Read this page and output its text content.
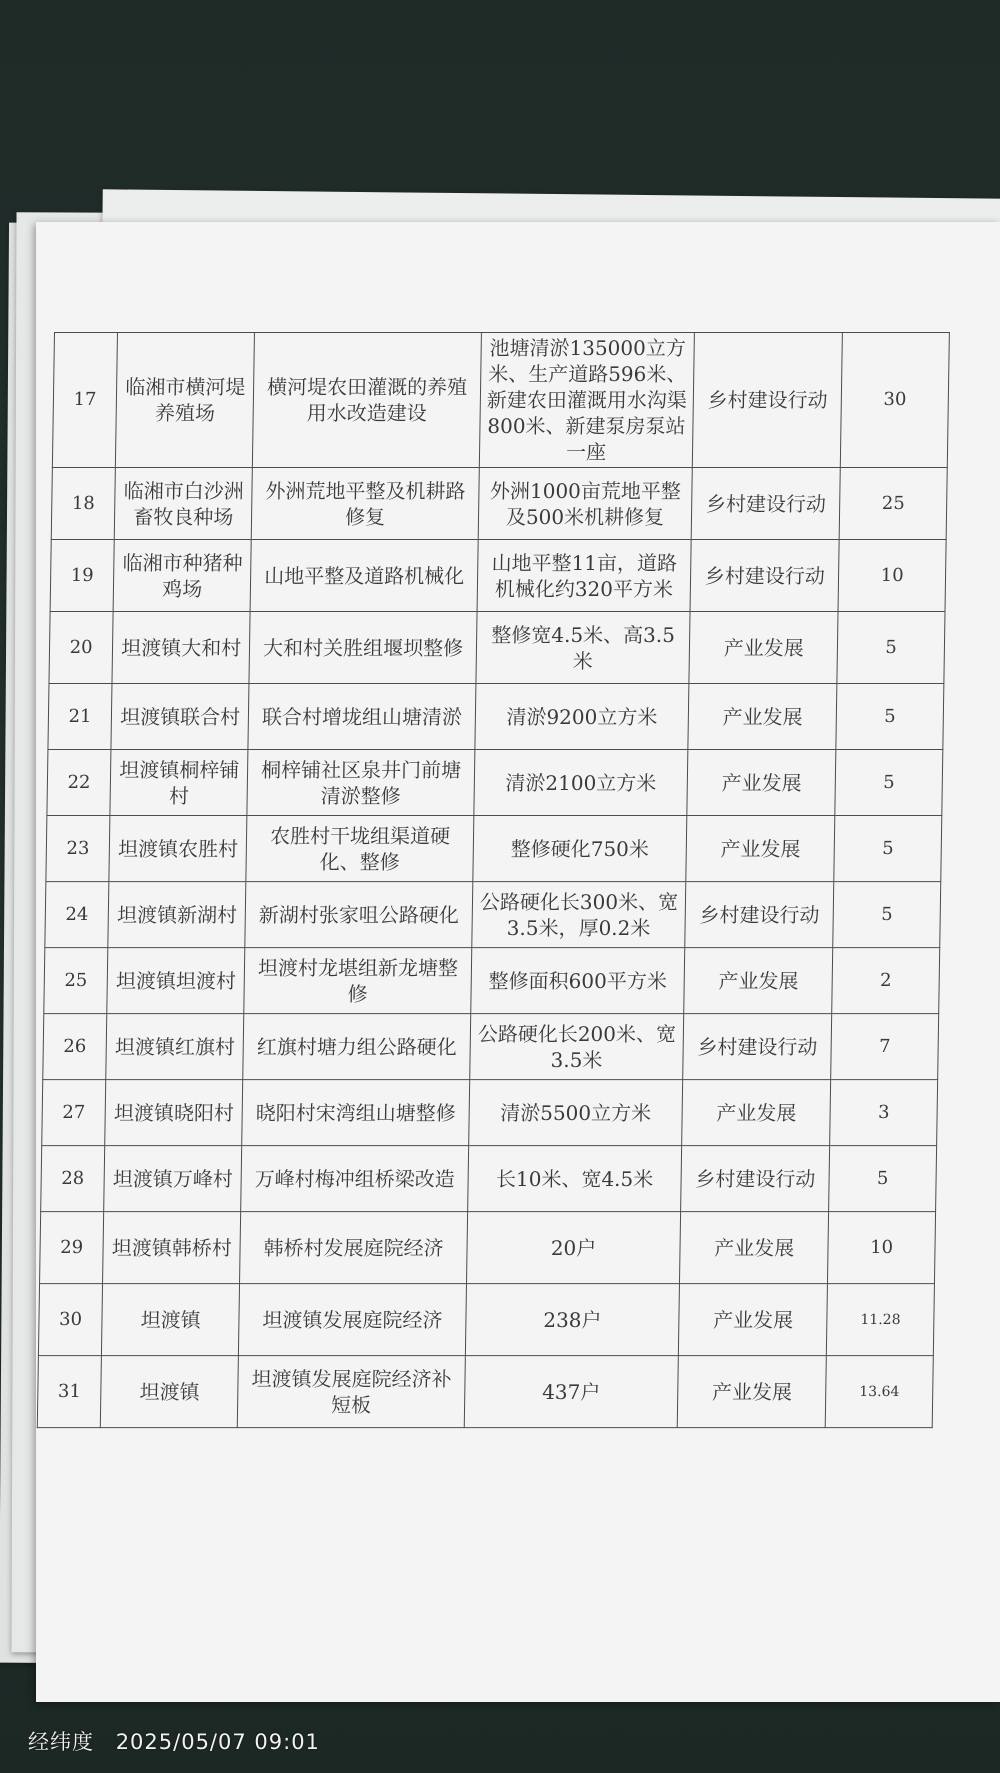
17	临湘市横河堤养殖场	横河堤农田灌溉的养殖用水改造建设	池塘清淤135000立方米、生产道路596米、新建农田灌溉用水沟渠800米、新建泵房泵站一座	乡村建设行动	30
18	临湘市白沙洲畜牧良种场	外洲荒地平整及机耕路修复	外洲1000亩荒地平整及500米机耕修复	乡村建设行动	25
19	临湘市种猪种鸡场	山地平整及道路机械化	山地平整11亩，道路机械化约320平方米	乡村建设行动	10
20	坦渡镇大和村	大和村关胜组堰坝整修	整修宽4.5米、高3.5米	产业发展	5
21	坦渡镇联合村	联合村增垅组山塘清淤	清淤9200立方米	产业发展	5
22	坦渡镇桐梓铺村	桐梓铺社区泉井门前塘清淤整修	清淤2100立方米	产业发展	5
23	坦渡镇农胜村	农胜村干垅组渠道硬化、整修	整修硬化750米	产业发展	5
24	坦渡镇新湖村	新湖村张家咀公路硬化	公路硬化长300米、宽3.5米，厚0.2米	乡村建设行动	5
25	坦渡镇坦渡村	坦渡村龙堪组新龙塘整修	整修面积600平方米	产业发展	2
26	坦渡镇红旗村	红旗村塘力组公路硬化	公路硬化长200米、宽3.5米	乡村建设行动	7
27	坦渡镇晓阳村	晓阳村宋湾组山塘整修	清淤5500立方米	产业发展	3
28	坦渡镇万峰村	万峰村梅冲组桥梁改造	长10米、宽4.5米	乡村建设行动	5
29	坦渡镇韩桥村	韩桥村发展庭院经济	20户	产业发展	10
30	坦渡镇	坦渡镇发展庭院经济	238户	产业发展	11.28
31	坦渡镇	坦渡镇发展庭院经济补短板	437户	产业发展	13.64
经纬度 2025/05/07 09:01
